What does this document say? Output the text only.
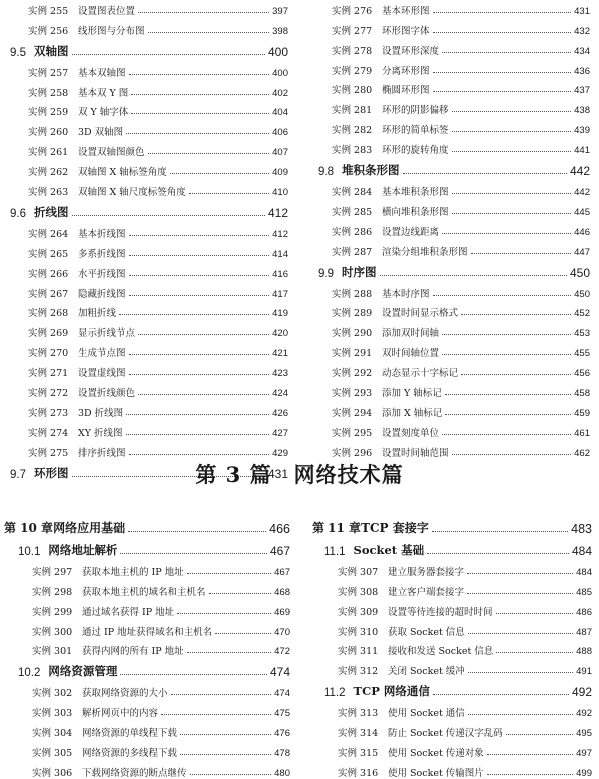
实例 255	设置图表位置	397
实例 256	线形图与分布图	398
9.5 双轴图	400
实例 257	基本双轴图	400
实例 258	基本双 Y 图	402
实例 259	双 Y 轴字体	404
实例 260	3D 双轴图	406
实例 261	设置双轴图颜色	407
实例 262	双轴图 X 轴标签角度	409
实例 263	双轴图 X 轴尺度标签角度	410
9.6 折线图	412
实例 264	基本折线图	412
实例 265	多系折线图	414
实例 266	水平折线图	416
实例 267	隐藏折线图	417
实例 268	加粗折线	419
实例 269	显示折线节点	420
实例 270	生成节点图	421
实例 271	设置虚线图	423
实例 272	设置折线颜色	424
实例 273	3D 折线图	426
实例 274	XY 折线图	427
实例 275	排序折线图	429
9.7 环形图	431
实例 276	基本环形图	431
实例 277	环形图字体	432
实例 278	设置环形深度	434
实例 279	分离环形图	436
实例 280	椭圆环形图	437
实例 281	环形的阴影偏移	438
实例 282	环形的简单标签	439
实例 283	环形的旋转角度	441
9.8 堆积条形图	442
实例 284	基本堆积条形图	442
实例 285	横向堆积条形图	445
实例 286	设置边线距离	446
实例 287	渲染分组堆积条形图	447
9.9 时序图	450
实例 288	基本时序图	450
实例 289	设置时间显示格式	452
实例 290	添加双时间轴	453
实例 291	双时间轴位置	455
实例 292	动态显示十字标记	456
实例 293	添加 Y 轴标记	458
实例 294	添加 X 轴标记	459
实例 295	设置刻度单位	461
实例 296	设置时间轴范围	462
第 3 篇 网络技术篇
第 10 章 网络应用基础	466
10.1 网络地址解析	467
实例 297	获取本地主机的 IP 地址	467
实例 298	获取本地主机的域名和主机名	468
实例 299	通过域名获得 IP 地址	469
实例 300	通过 IP 地址获得域名和主机名	470
实例 301	获得内网的所有 IP 地址	472
10.2 网络资源管理	474
实例 302	获取网络资源的大小	474
实例 303	解析网页中的内容	475
实例 304	网络资源的单线程下载	476
实例 305	网络资源的多线程下载	478
实例 306	下载网络资源的断点继传	480
第 11 章 TCP 套接字	483
11.1 Socket 基础	484
实例 307	建立服务器套接字	484
实例 308	建立客户端套接字	485
实例 309	设置等待连接的超时时间	486
实例 310	获取 Socket 信息	487
实例 311	接收和发送 Socket 信息	488
实例 312	关闭 Socket 缓冲	491
11.2 TCP 网络通信	492
实例 313	使用 Socket 通信	492
实例 314	防止 Socket 传递汉字乱码	495
实例 315	使用 Socket 传递对象	497
实例 316	使用 Socket 传输图片	499
